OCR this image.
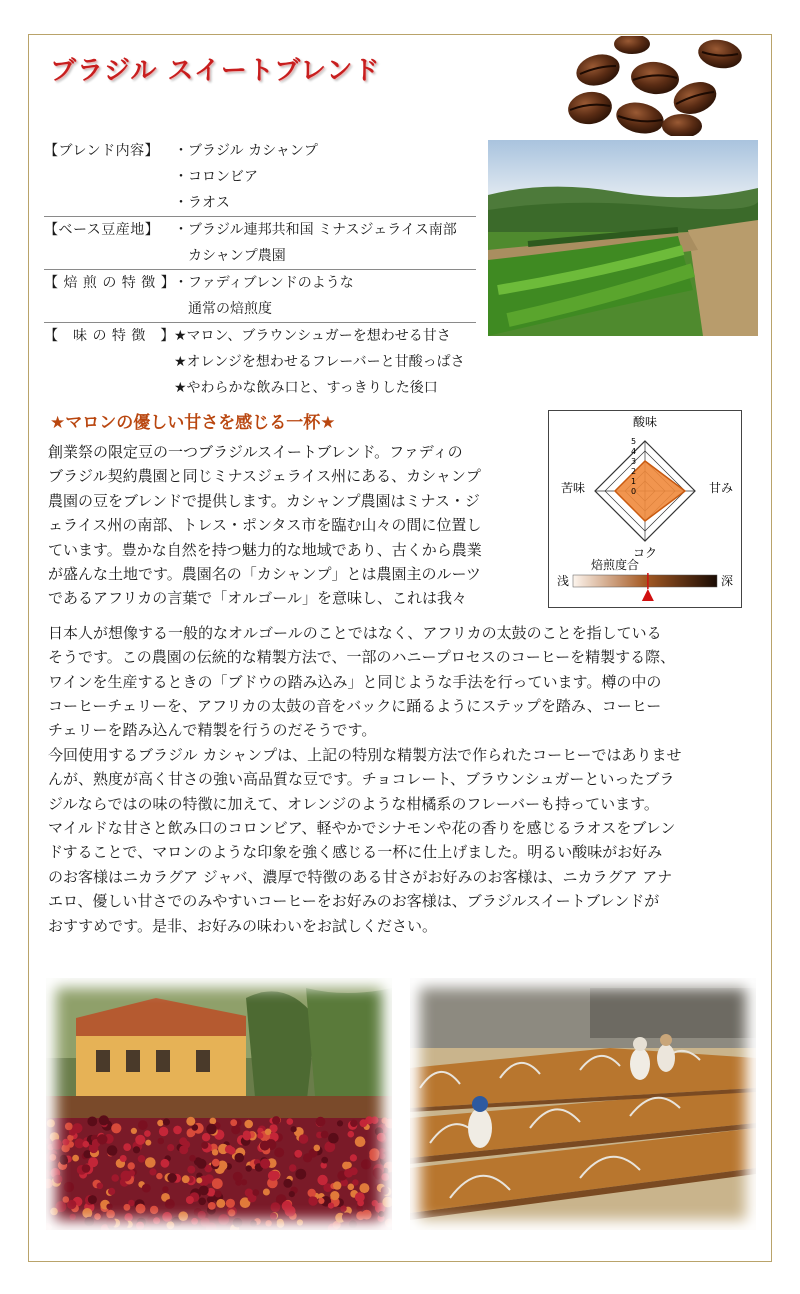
ブラジル スイートブレンド
【ブレンド内容】	・ブラジル カシャンプ
・コロンビア
・ラオス
【ベース豆産地】	・ブラジル連邦共和国 ミナスジェライス南部
カシャンプ農園
【 焙 煎 の 特 徴 】
・ファディブレンドのような
通常の焙煎度
【　味 の 特 徴　】 ★マロン、ブラウンシュガーを想わせる甘さ
★オレンジを想わせるフレーバーと甘酸っぱさ
★やわらかな飲み口と、すっきりした後口
★マロンの優しい甘さを感じる一杯★
5
4
3
2
1
0
酸味
甘み
コク
苦味
焙煎度合
浅	深
創業祭の限定豆の一つブラジルスイートブレンド。ファディの
ブラジル契約農園と同じミナスジェライス州にある、カシャンプ
農園の豆をブレンドで提供します。カシャンプ農園はミナス・ジ
ェライス州の南部、トレス・ポンタス市を臨む山々の間に位置し
ています。豊かな自然を持つ魅力的な地域であり、古くから農業
が盛んな土地です。農園名の「カシャンプ」とは農園主のルーツ
であるアフリカの言葉で「オルゴール」を意味し、これは我々
日本人が想像する一般的なオルゴールのことではなく、アフリカの太鼓のことを指している
そうです。この農園の伝統的な精製方法で、一部のハニープロセスのコーヒーを精製する際、
ワインを生産するときの「ブドウの踏み込み」と同じような手法を行っています。樽の中の
コーヒーチェリーを、アフリカの太鼓の音をバックに踊るようにステップを踏み、コーヒー
チェリーを踏み込んで精製を行うのだそうです。
今回使用するブラジル カシャンプは、上記の特別な精製方法で作られたコーヒーではありませ
んが、熟度が高く甘さの強い高品質な豆です。チョコレート、ブラウンシュガーといったブラ
ジルならではの味の特徴に加えて、オレンジのような柑橘系のフレーバーも持っています。
マイルドな甘さと飲み口のコロンビア、軽やかでシナモンや花の香りを感じるラオスをブレン
ドすることで、マロンのような印象を強く感じる一杯に仕上げました。明るい酸味がお好み
のお客様はニカラグア ジャバ、濃厚で特徴のある甘さがお好みのお客様は、ニカラグア アナ
エロ、優しい甘さでのみやすいコーヒーをお好みのお客様は、ブラジルスイートブレンドが
おすすめです。是非、お好みの味わいをお試しください。
